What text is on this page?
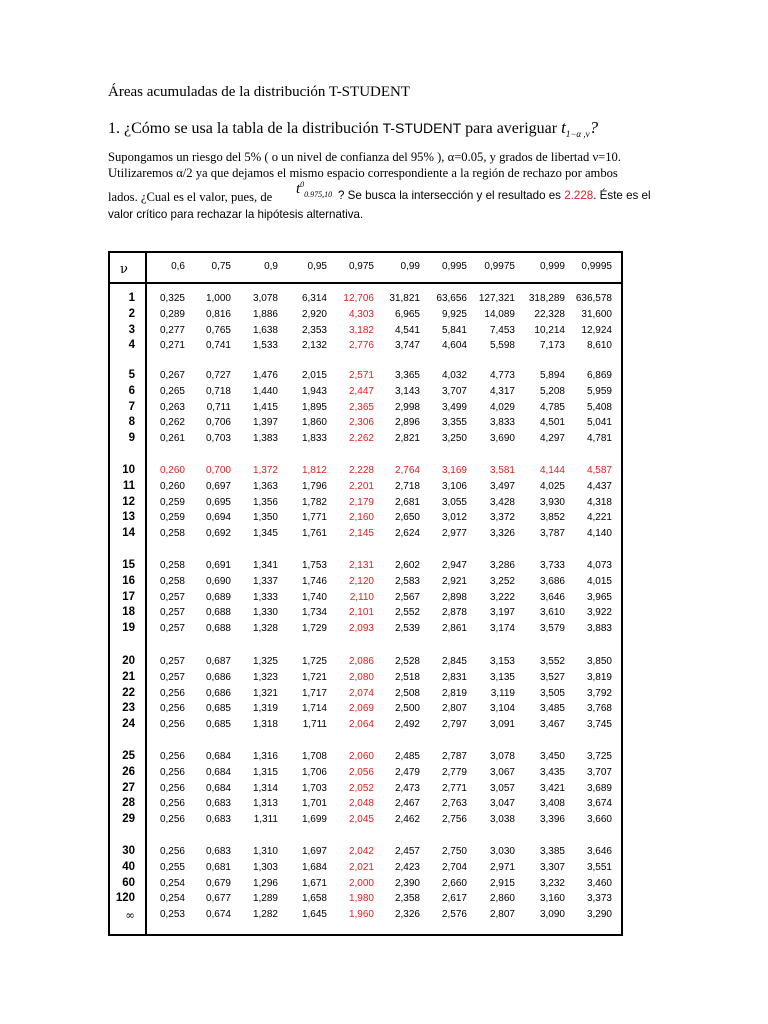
Áreas acumuladas de la distribución T-STUDENT
1. ¿Cómo se usa la tabla de la distribución T-STUDENT para averiguar $t_{1-\alpha ,\nu}$?
Supongamos un riesgo del 5% ( o un nivel de confianza del 95% ), α=0.05, y grados de libertad ν=10.
Utilizaremos α/2 ya que dejamos el mismo espacio correspondiente a la región de rechazo por ambos
lados. ¿Cual es el valor, pues, de $t^0_{0.975,10}$ ? Se busca la intersección y el resultado es 2.228. Éste es el
valor crítico para rechazar la hipótesis alternativa.
ν	0,6	0,75	0,9	0,95	0,975	0,99	0,995	0,9975	0,999	0,9995
1	0,325	1,000	3,078	6,314	12,706	31,821	63,656	127,321	318,289	636,578
2	0,289	0,816	1,886	2,920	4,303	6,965	9,925	14,089	22,328	31,600
3	0,277	0,765	1,638	2,353	3,182	4,541	5,841	7,453	10,214	12,924
4	0,271	0,741	1,533	2,132	2,776	3,747	4,604	5,598	7,173	8,610
5	0,267	0,727	1,476	2,015	2,571	3,365	4,032	4,773	5,894	6,869
6	0,265	0,718	1,440	1,943	2,447	3,143	3,707	4,317	5,208	5,959
7	0,263	0,711	1,415	1,895	2,365	2,998	3,499	4,029	4,785	5,408
8	0,262	0,706	1,397	1,860	2,306	2,896	3,355	3,833	4,501	5,041
9	0,261	0,703	1,383	1,833	2,262	2,821	3,250	3,690	4,297	4,781
10	0,260	0,700	1,372	1,812	2,228	2,764	3,169	3,581	4,144	4,587
11	0,260	0,697	1,363	1,796	2,201	2,718	3,106	3,497	4,025	4,437
12	0,259	0,695	1,356	1,782	2,179	2,681	3,055	3,428	3,930	4,318
13	0,259	0,694	1,350	1,771	2,160	2,650	3,012	3,372	3,852	4,221
14	0,258	0,692	1,345	1,761	2,145	2,624	2,977	3,326	3,787	4,140
15	0,258	0,691	1,341	1,753	2,131	2,602	2,947	3,286	3,733	4,073
16	0,258	0,690	1,337	1,746	2,120	2,583	2,921	3,252	3,686	4,015
17	0,257	0,689	1,333	1,740	2,110	2,567	2,898	3,222	3,646	3,965
18	0,257	0,688	1,330	1,734	2,101	2,552	2,878	3,197	3,610	3,922
19	0,257	0,688	1,328	1,729	2,093	2,539	2,861	3,174	3,579	3,883
20	0,257	0,687	1,325	1,725	2,086	2,528	2,845	3,153	3,552	3,850
21	0,257	0,686	1,323	1,721	2,080	2,518	2,831	3,135	3,527	3,819
22	0,256	0,686	1,321	1,717	2,074	2,508	2,819	3,119	3,505	3,792
23	0,256	0,685	1,319	1,714	2,069	2,500	2,807	3,104	3,485	3,768
24	0,256	0,685	1,318	1,711	2,064	2,492	2,797	3,091	3,467	3,745
25	0,256	0,684	1,316	1,708	2,060	2,485	2,787	3,078	3,450	3,725
26	0,256	0,684	1,315	1,706	2,056	2,479	2,779	3,067	3,435	3,707
27	0,256	0,684	1,314	1,703	2,052	2,473	2,771	3,057	3,421	3,689
28	0,256	0,683	1,313	1,701	2,048	2,467	2,763	3,047	3,408	3,674
29	0,256	0,683	1,311	1,699	2,045	2,462	2,756	3,038	3,396	3,660
30	0,256	0,683	1,310	1,697	2,042	2,457	2,750	3,030	3,385	3,646
40	0,255	0,681	1,303	1,684	2,021	2,423	2,704	2,971	3,307	3,551
60	0,254	0,679	1,296	1,671	2,000	2,390	2,660	2,915	3,232	3,460
120	0,254	0,677	1,289	1,658	1,980	2,358	2,617	2,860	3,160	3,373
∞	0,253	0,674	1,282	1,645	1,960	2,326	2,576	2,807	3,090	3,290
